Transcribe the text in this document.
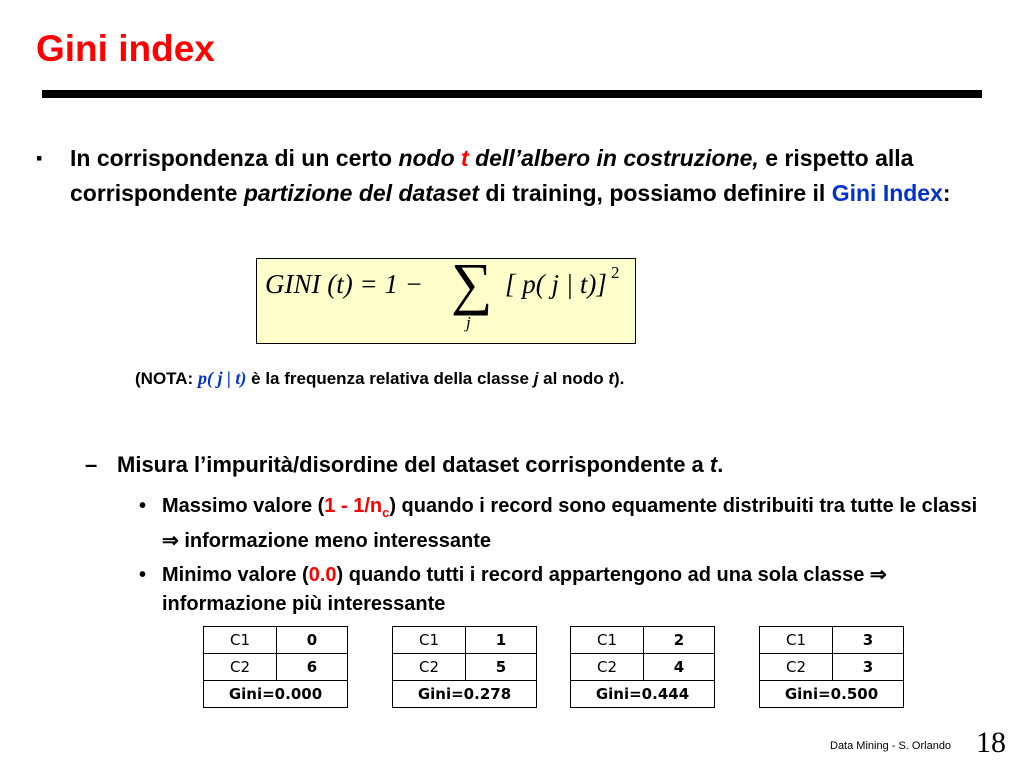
Gini index
▪ In corrispondenza di un certo nodo t dell’albero in costruzione, e rispetto alla corrispondente partizione del dataset di training, possiamo definire il Gini Index:
GINI (t) = 1 − ∑
j
[ p( j | t)] 2
(NOTA: p( j | t) è la frequenza relativa della classe j al nodo t).
– Misura l’impurità/disordine del dataset corrispondente a t.
• Massimo valore $(1 - 1/n_c)$ quando i record sono equamente distribuiti tra tutte le classi ⇒ informazione meno interessante
• Minimo valore (0.0) quando tutti i record appartengono ad una sola classe ⇒ informazione più interessante
C1	0
C2	6
Gini=0.000	
C1	1
C2	5
Gini=0.278	
C1	2
C2	4
Gini=0.444	
C1	3
C2	3
Gini=0.500	
Data Mining - S. Orlando 18
